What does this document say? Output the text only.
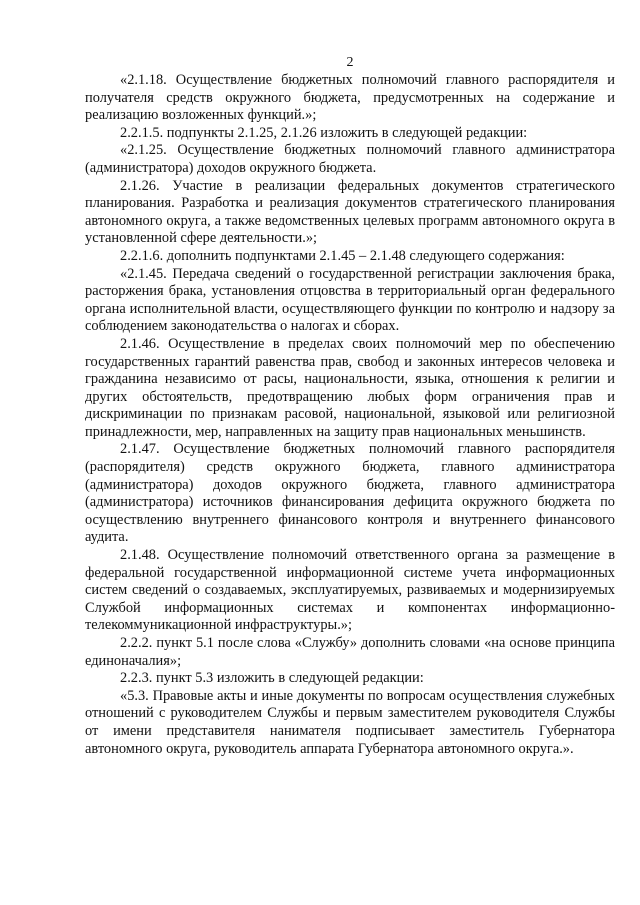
2

«2.1.18. Осуществление бюджетных полномочий главного распорядителя и получателя средств окружного бюджета, предусмотренных на содержание и реализацию возложенных функций.»;

2.2.1.5. подпункты 2.1.25, 2.1.26 изложить в следующей редакции:

«2.1.25. Осуществление бюджетных полномочий главного администратора (администратора) доходов окружного бюджета.

2.1.26. Участие в реализации федеральных документов стратегического планирования. Разработка и реализация документов стратегического планирования автономного округа, а также ведомственных целевых программ автономного округа в установленной сфере деятельности.»;

2.2.1.6. дополнить подпунктами 2.1.45 – 2.1.48 следующего содержания:

«2.1.45. Передача сведений о государственной регистрации заключения брака, расторжения брака, установления отцовства в территориальный орган федерального органа исполнительной власти, осуществляющего функции по контролю и надзору за соблюдением законодательства о налогах и сборах.

2.1.46. Осуществление в пределах своих полномочий мер по обеспечению государственных гарантий равенства прав, свобод и законных интересов человека и гражданина независимо от расы, национальности, языка, отношения к религии и других обстоятельств, предотвращению любых форм ограничения прав и дискриминации по признакам расовой, национальной, языковой или религиозной принадлежности, мер, направленных на защиту прав национальных меньшинств.

2.1.47. Осуществление бюджетных полномочий главного распорядителя (распорядителя) средств окружного бюджета, главного администратора (администратора) доходов окружного бюджета, главного администратора (администратора) источников финансирования дефицита окружного бюджета по осуществлению внутреннего финансового контроля и внутреннего финансового аудита.

2.1.48. Осуществление полномочий ответственного органа за размещение в федеральной государственной информационной системе учета информационных систем сведений о создаваемых, эксплуатируемых, развиваемых и модернизируемых Службой информационных системах и компонентах информационно-телекоммуникационной инфраструктуры.»;

2.2.2. пункт 5.1 после слова «Службу» дополнить словами «на основе принципа единоначалия»;

2.2.3. пункт 5.3 изложить в следующей редакции:

«5.3. Правовые акты и иные документы по вопросам осуществления служебных отношений с руководителем Службы и первым заместителем руководителя Службы от имени представителя нанимателя подписывает заместитель Губернатора автономного округа, руководитель аппарата Губернатора автономного округа.».
